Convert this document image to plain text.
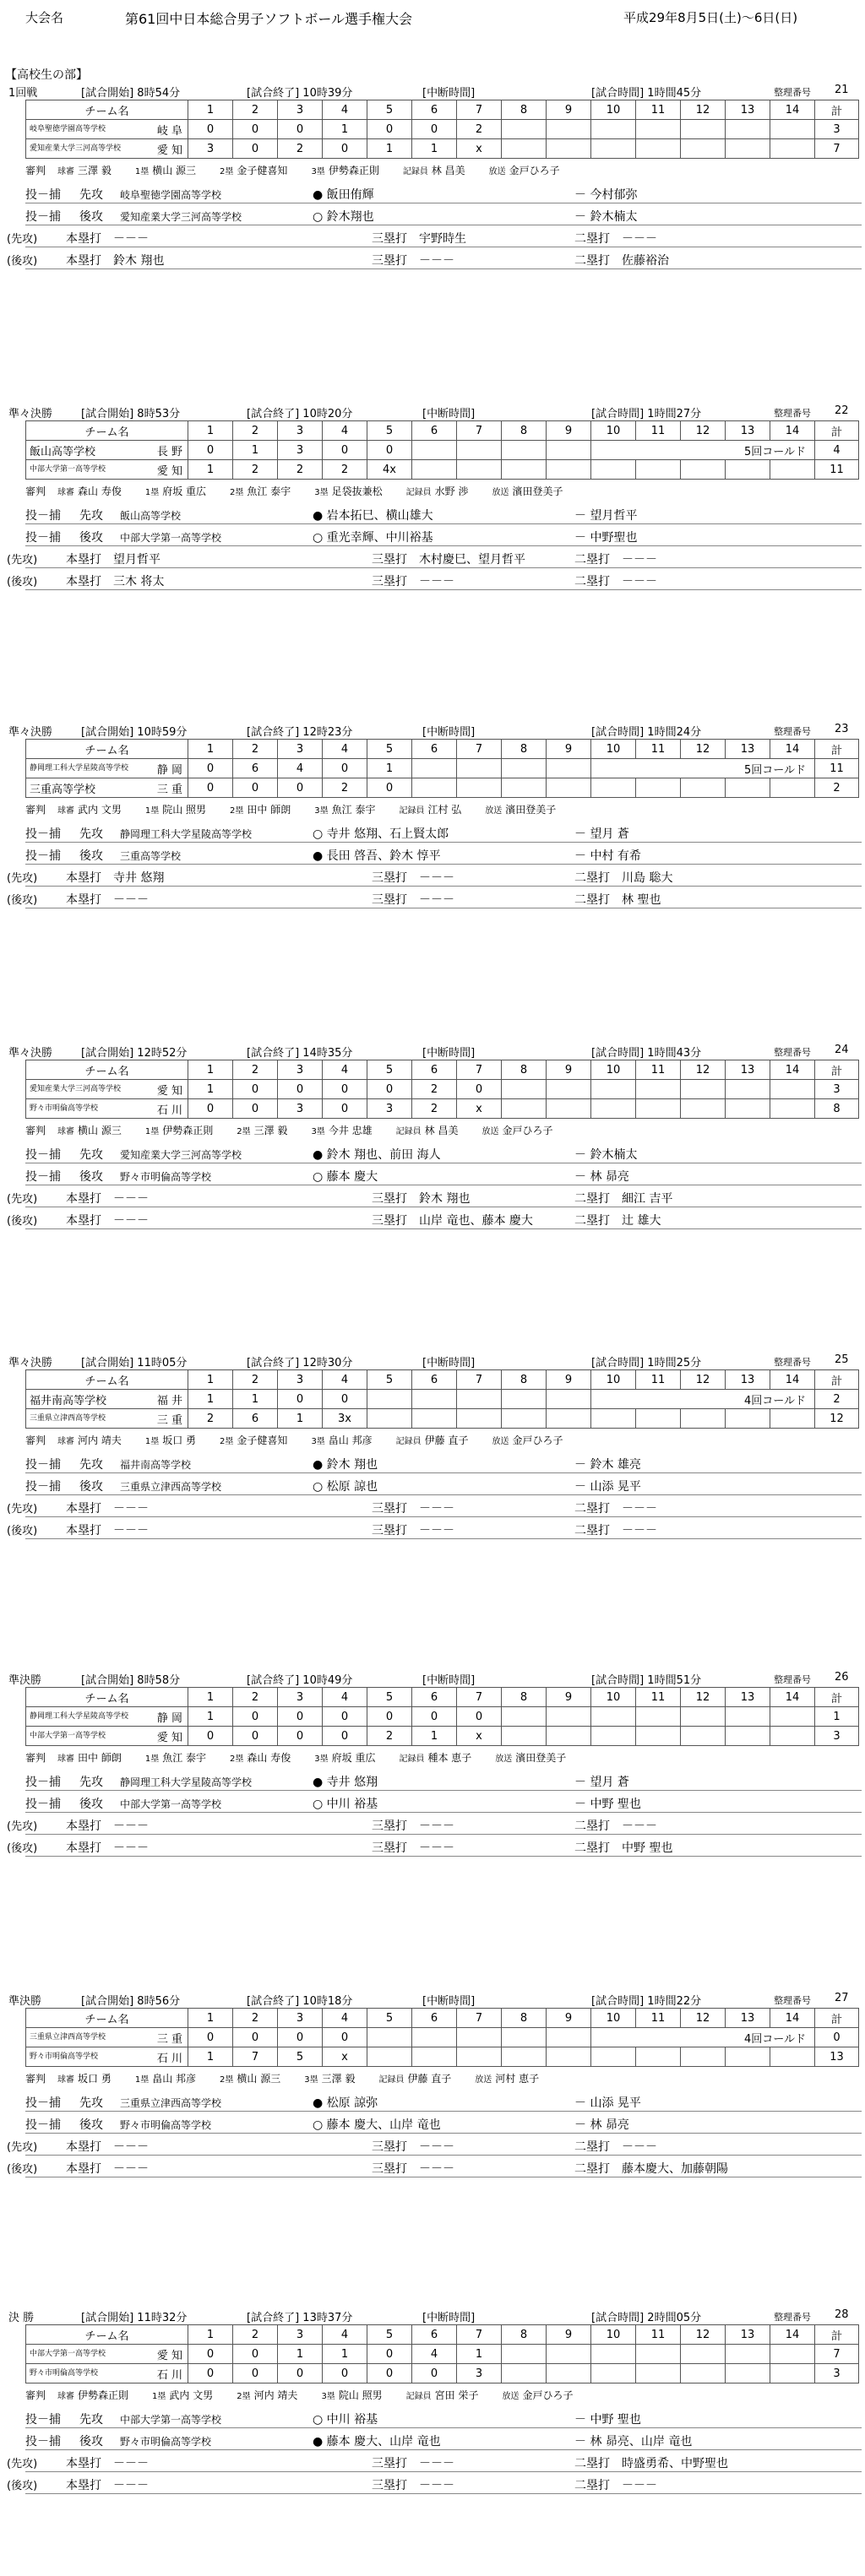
大会名	第61回中日本総合男子ソフトボール選手権大会	平成29年8月5日(土)～6日(日)
【高校生の部】
1回戦	[試合開始] 8時54分	[試合終了] 10時39分	[中断時間]	[試合時間] 1時間45分	整理番号 21
チーム名	1	2	3	4	5	6	7	8	9	10	11	12	13	14	計
岐阜聖徳学園高等学校 岐 阜	0	0	0	1	0	0	2								3
愛知産業大学三河高等学校 愛 知	3	0	2	0	1	1	x								7
審判 球審 三澤 毅	1塁 横山 源三	2塁 金子健喜知	3塁 伊勢森正則	記録員 林 昌美	放送 金戸ひろ子
投－捕 先攻 岐阜聖徳学園高等学校	● 飯田侑輝	－ 今村郁弥
投－捕 後攻 愛知産業大学三河高等学校	○ 鈴木翔也	－ 鈴木楠太
(先攻) 本塁打　 －－－	三塁打　 宇野時生	二塁打　 －－－
(後攻) 本塁打　 鈴木 翔也	三塁打　 －－－	二塁打　 佐藤裕治
準々決勝	[試合開始] 8時53分	[試合終了] 10時20分	[中断時間]	[試合時間] 1時間27分	整理番号 22
チーム名	1	2	3	4	5	6	7	8	9	10	11	12	13	14	計
飯山高等学校 長 野	0	1	3	0	0					5回コールド					4
中部大学第一高等学校 愛 知	1	2	2	2	4x										11
審判 球審 森山 寿俊	1塁 府坂 重広	2塁 魚江 泰宇	3塁 足袋抜兼松	記録員 水野 渉	放送 濱田登美子
投－捕 先攻 飯山高等学校	● 岩本拓巳、横山雄大	－ 望月哲平
投－捕 後攻 中部大学第一高等学校	○ 重光幸輝、中川裕基	－ 中野聖也
(先攻) 本塁打　 望月哲平	三塁打　 木村慶巳、望月哲平	二塁打　 －－－
(後攻) 本塁打　 三木 将太	三塁打　 －－－	二塁打　 －－－
準々決勝	[試合開始] 10時59分	[試合終了] 12時23分	[中断時間]	[試合時間] 1時間24分	整理番号 23
チーム名	1	2	3	4	5	6	7	8	9	10	11	12	13	14	計
静岡理工科大学星陵高等学校 静 岡	0	6	4	0	1					5回コールド					11
三重高等学校 三 重	0	0	0	2	0										2
審判 球審 武内 文男	1塁 院山 照男	2塁 田中 師朗	3塁 魚江 泰宇	記録員 江村 弘	放送 濱田登美子
投－捕 先攻 静岡理工科大学星陵高等学校	○ 寺井 悠翔、石上賢太郎	－ 望月 蒼
投－捕 後攻 三重高等学校	● 長田 啓吾、鈴木 惇平	－ 中村 有希
(先攻) 本塁打　 寺井 悠翔	三塁打　 －－－	二塁打　 川島 聡大
(後攻) 本塁打　 －－－	三塁打　 －－－	二塁打　 林 聖也
準々決勝	[試合開始] 12時52分	[試合終了] 14時35分	[中断時間]	[試合時間] 1時間43分	整理番号 24
チーム名	1	2	3	4	5	6	7	8	9	10	11	12	13	14	計
愛知産業大学三河高等学校 愛 知	1	0	0	0	0	2	0								3
野々市明倫高等学校 石 川	0	0	3	0	3	2	x								8
審判 球審 横山 源三	1塁 伊勢森正則	2塁 三澤 毅	3塁 今井 忠雄	記録員 林 昌美	放送 金戸ひろ子
投－捕 先攻 愛知産業大学三河高等学校	● 鈴木 翔也、前田 海人	－ 鈴木楠太
投－捕 後攻 野々市明倫高等学校	○ 藤本 慶大	－ 林 昴亮
(先攻) 本塁打　 －－－	三塁打　 鈴木 翔也	二塁打　 細江 吉平
(後攻) 本塁打　 －－－	三塁打　 山岸 竜也、藤本 慶大	二塁打　 辻 雄大
準々決勝	[試合開始] 11時05分	[試合終了] 12時30分	[中断時間]	[試合時間] 1時間25分	整理番号 25
チーム名	1	2	3	4	5	6	7	8	9	10	11	12	13	14	計
福井南高等学校 福 井	1	1	0	0						4回コールド					2
三重県立津西高等学校 三 重	2	6	1	3x											12
審判 球審 河内 靖夫	1塁 坂口 勇	2塁 金子健喜知	3塁 畠山 邦彦	記録員 伊藤 直子	放送 金戸ひろ子
投－捕 先攻 福井南高等学校	● 鈴木 翔也	－ 鈴木 雄亮
投－捕 後攻 三重県立津西高等学校	○ 松原 諒也	－ 山添 晃平
(先攻) 本塁打　 －－－	三塁打　 －－－	二塁打　 －－－
(後攻) 本塁打　 －－－	三塁打　 －－－	二塁打　 －－－
準決勝	[試合開始] 8時58分	[試合終了] 10時49分	[中断時間]	[試合時間] 1時間51分	整理番号 26
チーム名	1	2	3	4	5	6	7	8	9	10	11	12	13	14	計
静岡理工科大学星陵高等学校 静 岡	1	0	0	0	0	0	0								1
中部大学第一高等学校 愛 知	0	0	0	0	2	1	x								3
審判 球審 田中 師朗	1塁 魚江 泰宇	2塁 森山 寿俊	3塁 府坂 重広	記録員 種本 恵子	放送 濱田登美子
投－捕 先攻 静岡理工科大学星陵高等学校	● 寺井 悠翔	－ 望月 蒼
投－捕 後攻 中部大学第一高等学校	○ 中川 裕基	－ 中野 聖也
(先攻) 本塁打　 －－－	三塁打　 －－－	二塁打　 －－－
(後攻) 本塁打　 －－－	三塁打　 －－－	二塁打　 中野 聖也
準決勝	[試合開始] 8時56分	[試合終了] 10時18分	[中断時間]	[試合時間] 1時間22分	整理番号 27
チーム名	1	2	3	4	5	6	7	8	9	10	11	12	13	14	計
三重県立津西高等学校 三 重	0	0	0	0						4回コールド					0
野々市明倫高等学校 石 川	1	7	5	x											13
審判 球審 坂口 勇	1塁 畠山 邦彦	2塁 横山 源三	3塁 三澤 毅	記録員 伊藤 直子	放送 河村 恵子
投－捕 先攻 三重県立津西高等学校	● 松原 諒弥	－ 山添 晃平
投－捕 後攻 野々市明倫高等学校	○ 藤本 慶大、山岸 竜也	－ 林 昴亮
(先攻) 本塁打　 －－－	三塁打　 －－－	二塁打　 －－－
(後攻) 本塁打　 －－－	三塁打　 －－－	二塁打　 藤本慶大、加藤朝陽
決 勝	[試合開始] 11時32分	[試合終了] 13時37分	[中断時間]	[試合時間] 2時間05分	整理番号 28
チーム名	1	2	3	4	5	6	7	8	9	10	11	12	13	14	計
中部大学第一高等学校 愛 知	0	0	1	1	0	4	1								7
野々市明倫高等学校 石 川	0	0	0	0	0	0	3								3
審判 球審 伊勢森正則	1塁 武内 文男	2塁 河内 靖夫	3塁 院山 照男	記録員 宮田 栄子	放送 金戸ひろ子
投－捕 先攻 中部大学第一高等学校	○ 中川 裕基	－ 中野 聖也
投－捕 後攻 野々市明倫高等学校	● 藤本 慶大、山岸 竜也	－ 林 昴亮、山岸 竜也
(先攻) 本塁打　 －－－	三塁打　 －－－	二塁打　 時盛勇希、中野聖也
(後攻) 本塁打　 －－－	三塁打　 －－－	二塁打　 －－－
